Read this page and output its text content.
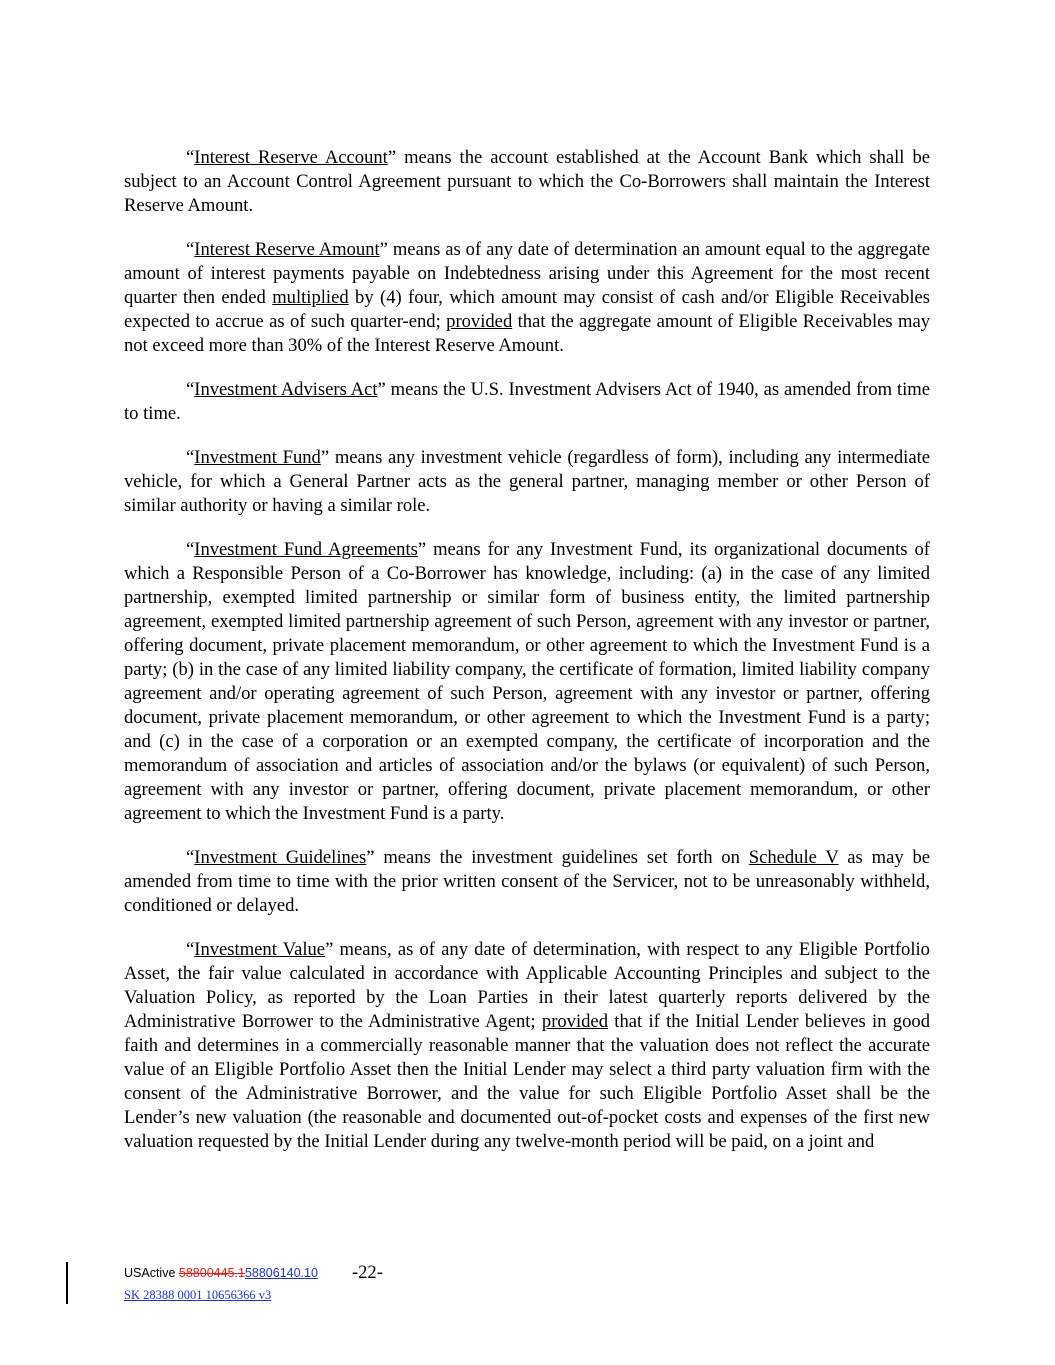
“Interest Reserve Account” means the account established at the Account Bank which shall be subject to an Account Control Agreement pursuant to which the Co-Borrowers shall maintain the Interest Reserve Amount.

“Interest Reserve Amount” means as of any date of determination an amount equal to the aggregate amount of interest payments payable on Indebtedness arising under this Agreement for the most recent quarter then ended multiplied by (4) four, which amount may consist of cash and/or Eligible Receivables expected to accrue as of such quarter-end; provided that the aggregate amount of Eligible Receivables may not exceed more than 30% of the Interest Reserve Amount.

“Investment Advisers Act” means the U.S. Investment Advisers Act of 1940, as amended from time to time.

“Investment Fund” means any investment vehicle (regardless of form), including any intermediate vehicle, for which a General Partner acts as the general partner, managing member or other Person of similar authority or having a similar role.

“Investment Fund Agreements” means for any Investment Fund, its organizational documents of which a Responsible Person of a Co-Borrower has knowledge, including: (a) in the case of any limited partnership, exempted limited partnership or similar form of business entity, the limited partnership agreement, exempted limited partnership agreement of such Person, agreement with any investor or partner, offering document, private placement memorandum, or other agreement to which the Investment Fund is a party; (b) in the case of any limited liability company, the certificate of formation, limited liability company agreement and/or operating agreement of such Person, agreement with any investor or partner, offering document, private placement memorandum, or other agreement to which the Investment Fund is a party; and (c) in the case of a corporation or an exempted company, the certificate of incorporation and the memorandum of association and articles of association and/or the bylaws (or equivalent) of such Person, agreement with any investor or partner, offering document, private placement memorandum, or other agreement to which the Investment Fund is a party.

“Investment Guidelines” means the investment guidelines set forth on Schedule V as may be amended from time to time with the prior written consent of the Servicer, not to be unreasonably withheld, conditioned or delayed.

“Investment Value” means, as of any date of determination, with respect to any Eligible Portfolio Asset, the fair value calculated in accordance with Applicable Accounting Principles and subject to the Valuation Policy, as reported by the Loan Parties in their latest quarterly reports delivered by the Administrative Borrower to the Administrative Agent; provided that if the Initial Lender believes in good faith and determines in a commercially reasonable manner that the valuation does not reflect the accurate value of an Eligible Portfolio Asset then the Initial Lender may select a third party valuation firm with the consent of the Administrative Borrower, and the value for such Eligible Portfolio Asset shall be the Lender’s new valuation (the reasonable and documented out-of-pocket costs and expenses of the first new valuation requested by the Initial Lender during any twelve-month period will be paid, on a joint and

USActive 58800445.158806140.10 -22-
SK 28388 0001 10656366 v3
